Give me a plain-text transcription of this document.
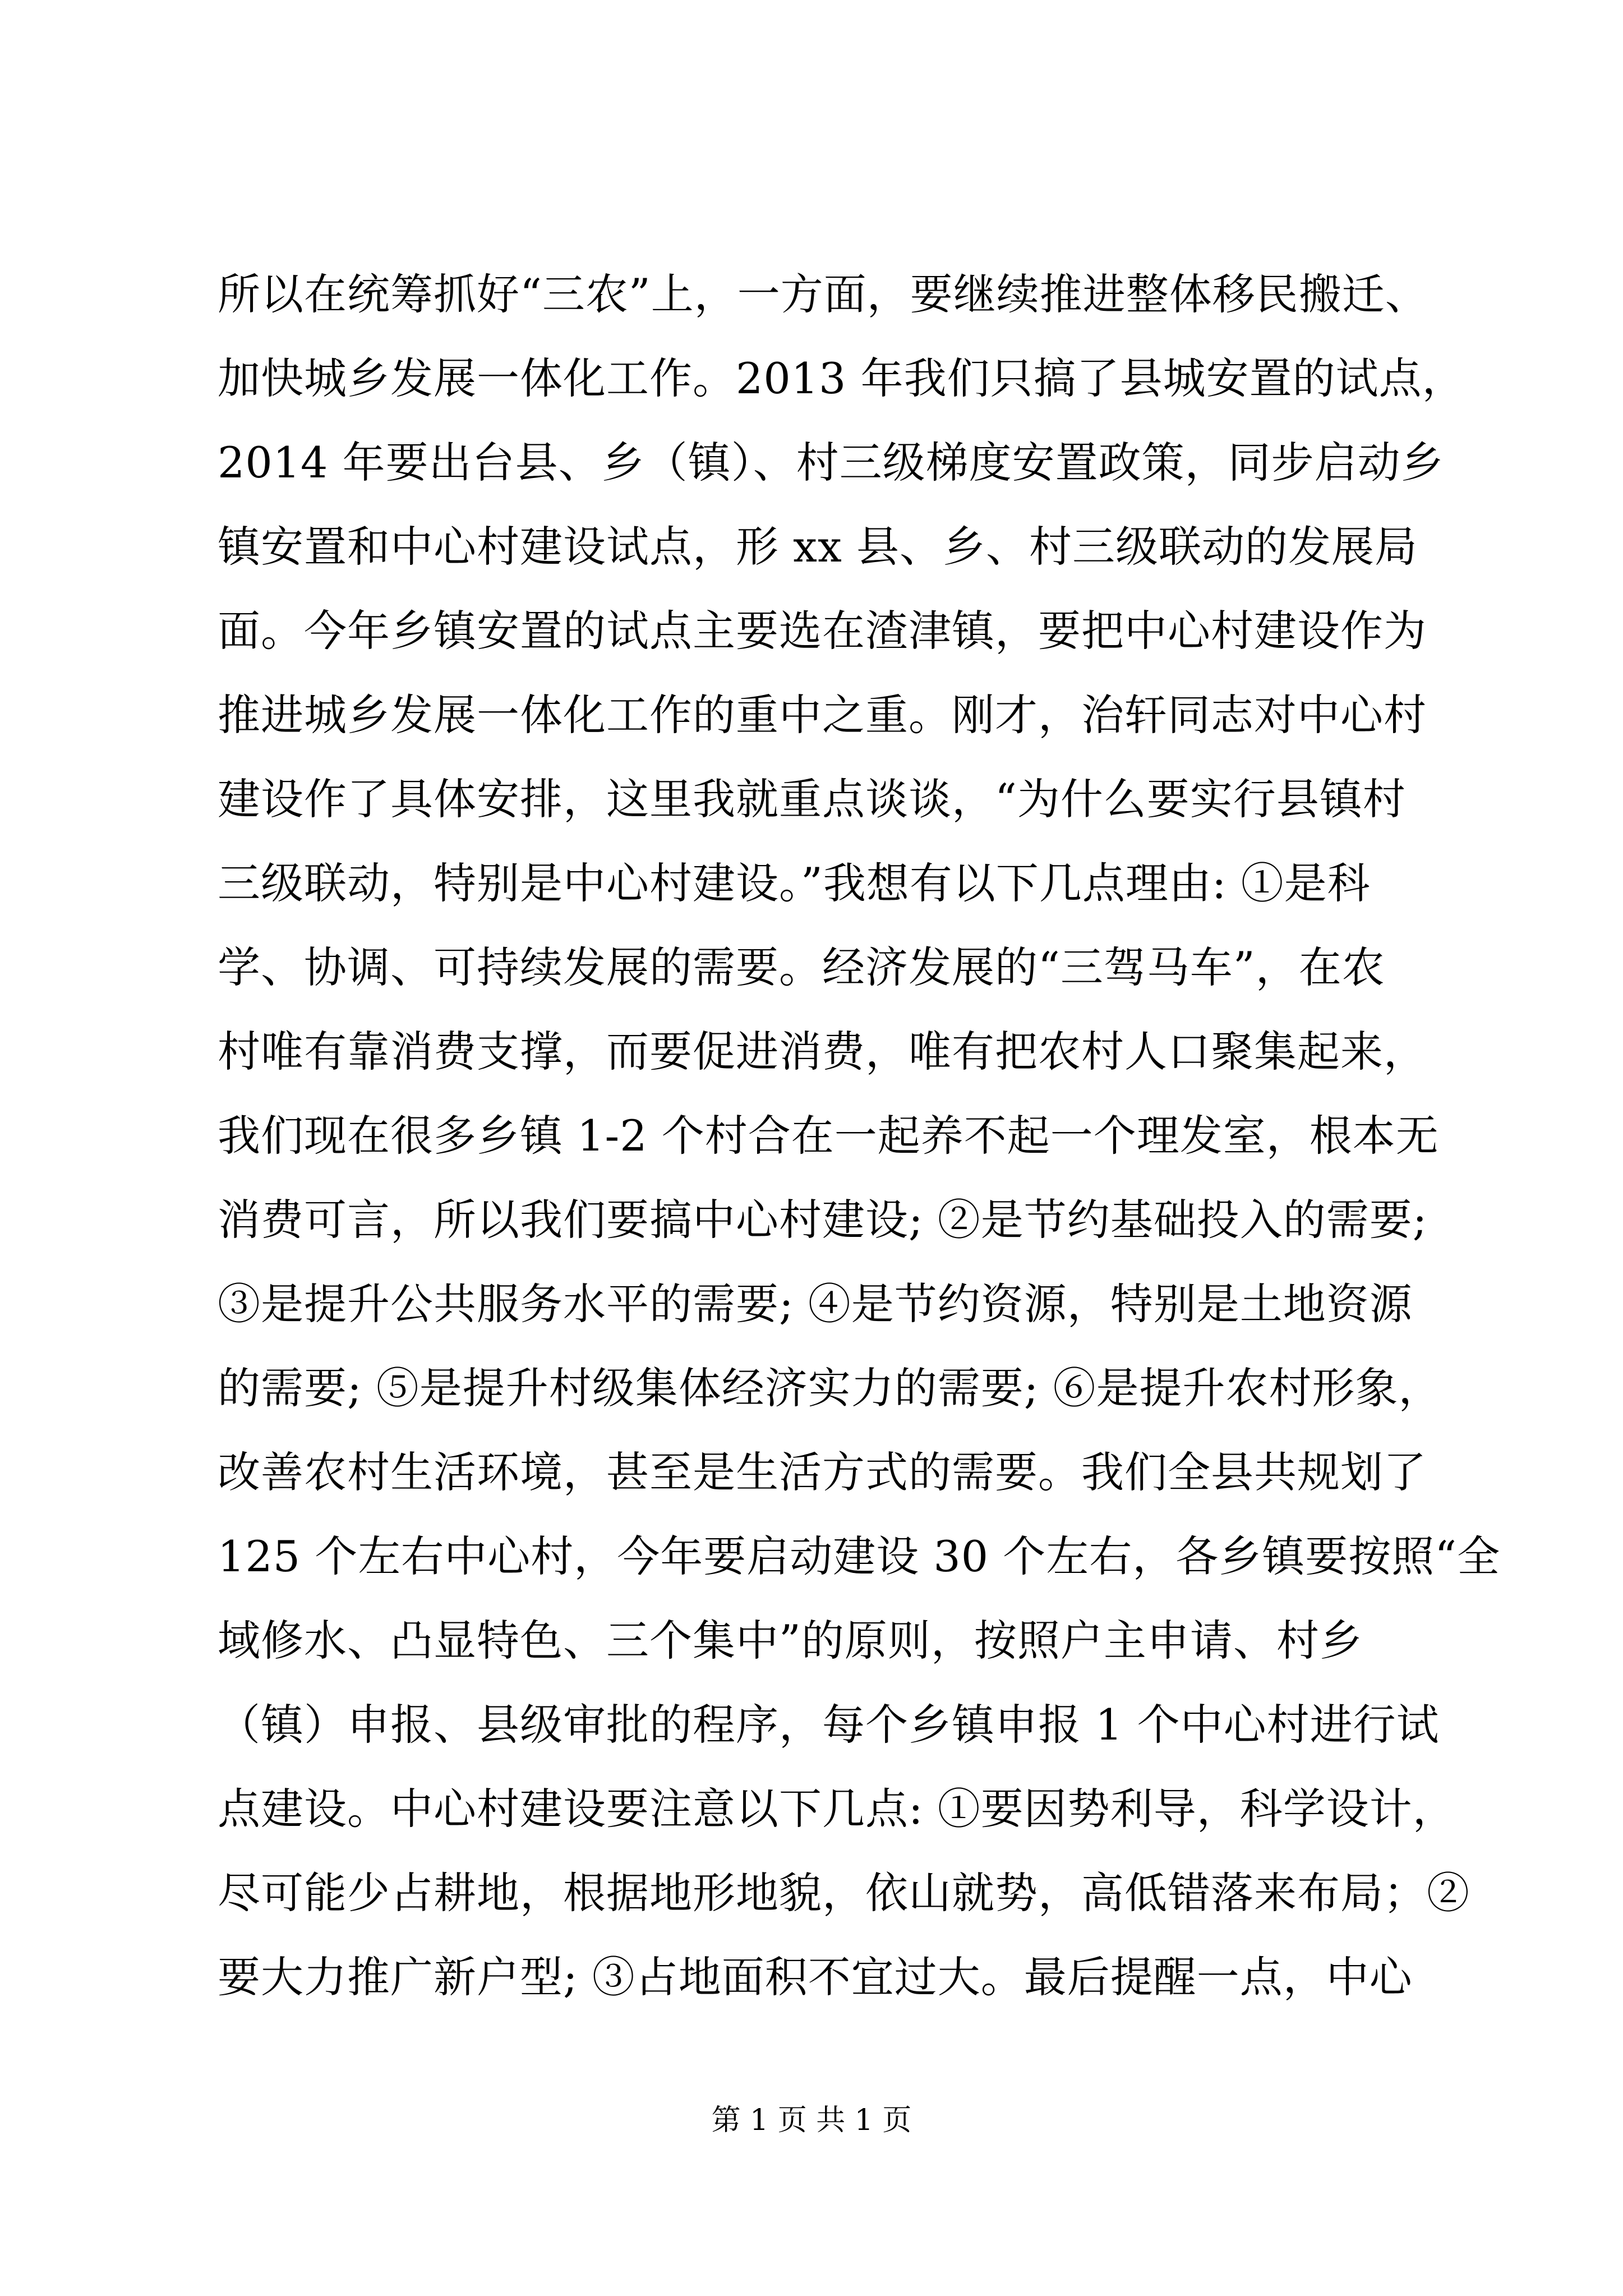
所以在统筹抓好“三农”上，一方面，要继续推进整体移民搬迁、
加快城乡发展一体化工作。2013 年我们只搞了县城安置的试点，
2014 年要出台县、乡（镇）、村三级梯度安置政策，同步启动乡
镇安置和中心村建设试点，形 xx 县、乡、村三级联动的发展局
面。今年乡镇安置的试点主要选在渣津镇，要把中心村建设作为
推进城乡发展一体化工作的重中之重。刚才，治轩同志对中心村
建设作了具体安排，这里我就重点谈谈，“为什么要实行县镇村
三级联动，特别是中心村建设。”我想有以下几点理由: ①是科
学、协调、可持续发展的需要。经济发展的“三驾马车”，在农
村唯有靠消费支撑，而要促进消费，唯有把农村人口聚集起来，
我们现在很多乡镇 1-2 个村合在一起养不起一个理发室，根本无
消费可言，所以我们要搞中心村建设; ②是节约基础投入的需要;
③是提升公共服务水平的需要; ④是节约资源，特别是土地资源
的需要; ⑤是提升村级集体经济实力的需要; ⑥是提升农村形象，
改善农村生活环境，甚至是生活方式的需要。我们全县共规划了
125 个左右中心村，今年要启动建设 30 个左右，各乡镇要按照“全
域修水、凸显特色、三个集中”的原则，按照户主申请、村乡
（镇）申报、县级审批的程序，每个乡镇申报 1 个中心村进行试
点建设。中心村建设要注意以下几点: ①要因势利导，科学设计，
尽可能少占耕地，根据地形地貌，依山就势，高低错落来布局；②
要大力推广新户型; ③占地面积不宜过大。最后提醒一点，中心
第 1 页 共 1 页
